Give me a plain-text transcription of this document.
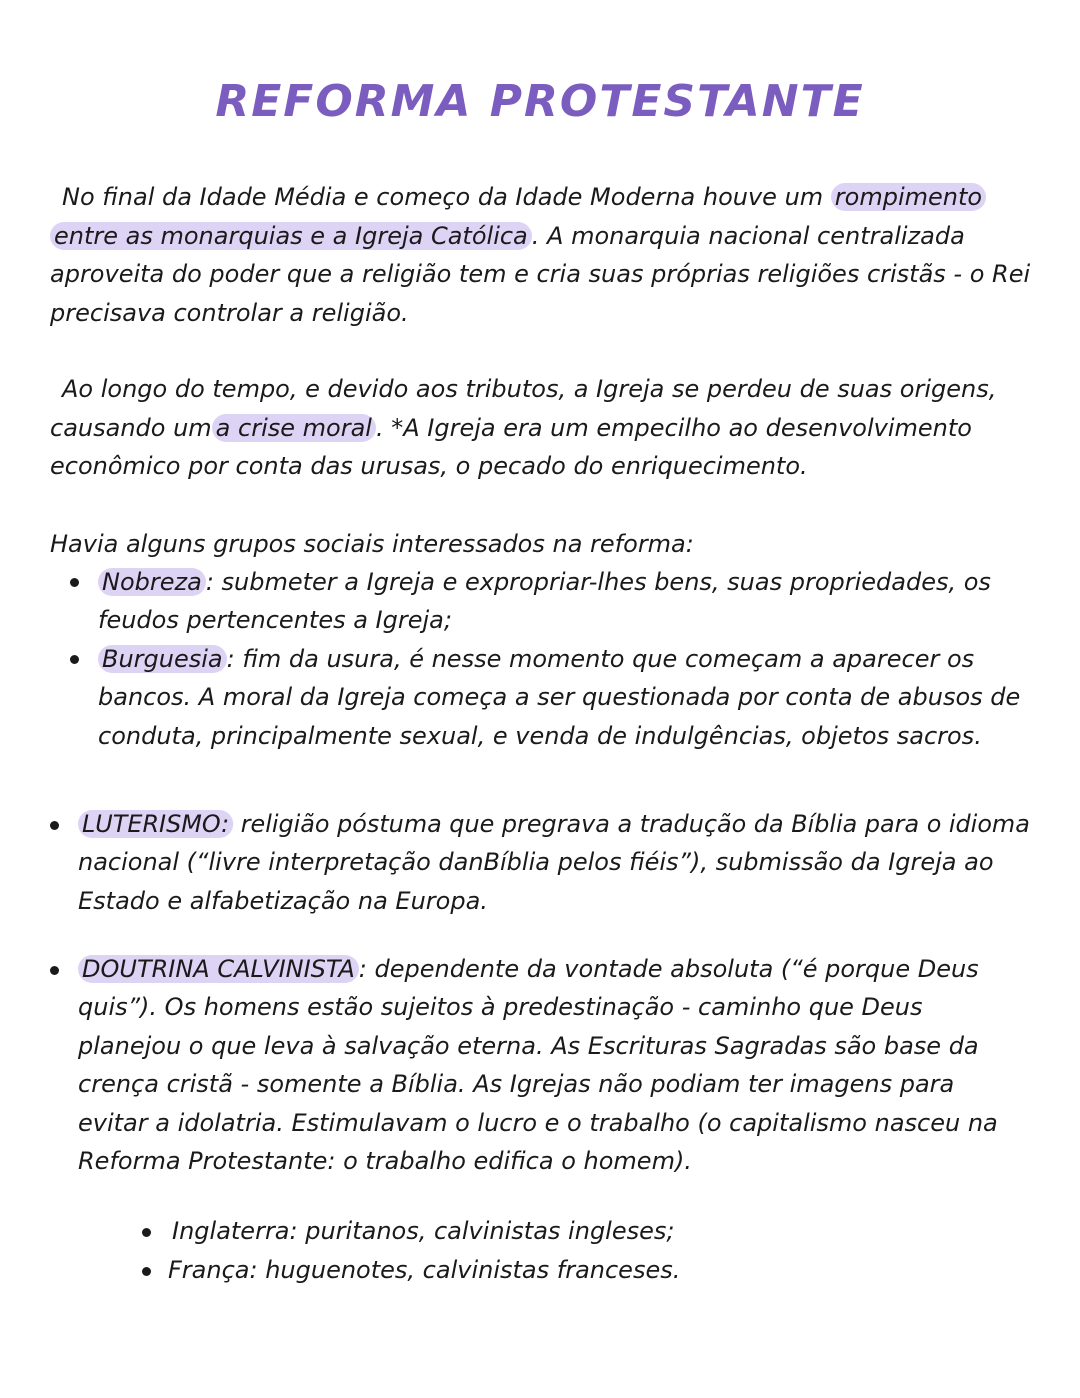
REFORMA PROTESTANTE
No final da Idade Média e começo da Idade Moderna houve um rompimento
entre as monarquias e a Igreja Católica . A monarquia nacional centralizada
aproveita do poder que a religião tem e cria suas próprias religiões cristãs - o Rei
precisava controlar a religião.
Ao longo do tempo, e devido aos tributos, a Igreja se perdeu de suas origens,
causando um a crise moral . *A Igreja era um empecilho ao desenvolvimento
econômico por conta das urusas, o pecado do enriquecimento.
Havia alguns grupos sociais interessados na reforma:
Nobreza : submeter a Igreja e expropriar-lhes bens, suas propriedades, os
feudos pertencentes a Igreja;
Burguesia : fim da usura, é nesse momento que começam a aparecer os
bancos. A moral da Igreja começa a ser questionada por conta de abusos de
conduta, principalmente sexual, e venda de indulgências, objetos sacros.
LUTERISMO: religião póstuma que pregrava a tradução da Bíblia para o idioma
nacional (“livre interpretação danBíblia pelos fiéis”), submissão da Igreja ao
Estado e alfabetização na Europa.
DOUTRINA CALVINISTA : dependente da vontade absoluta (“é porque Deus
quis”). Os homens estão sujeitos à predestinação - caminho que Deus
planejou o que leva à salvação eterna. As Escrituras Sagradas são base da
crença cristã - somente a Bíblia. As Igrejas não podiam ter imagens para
evitar a idolatria. Estimulavam o lucro e o trabalho (o capitalismo nasceu na
Reforma Protestante: o trabalho edifica o homem).
Inglaterra: puritanos, calvinistas ingleses;
França: huguenotes, calvinistas franceses.
